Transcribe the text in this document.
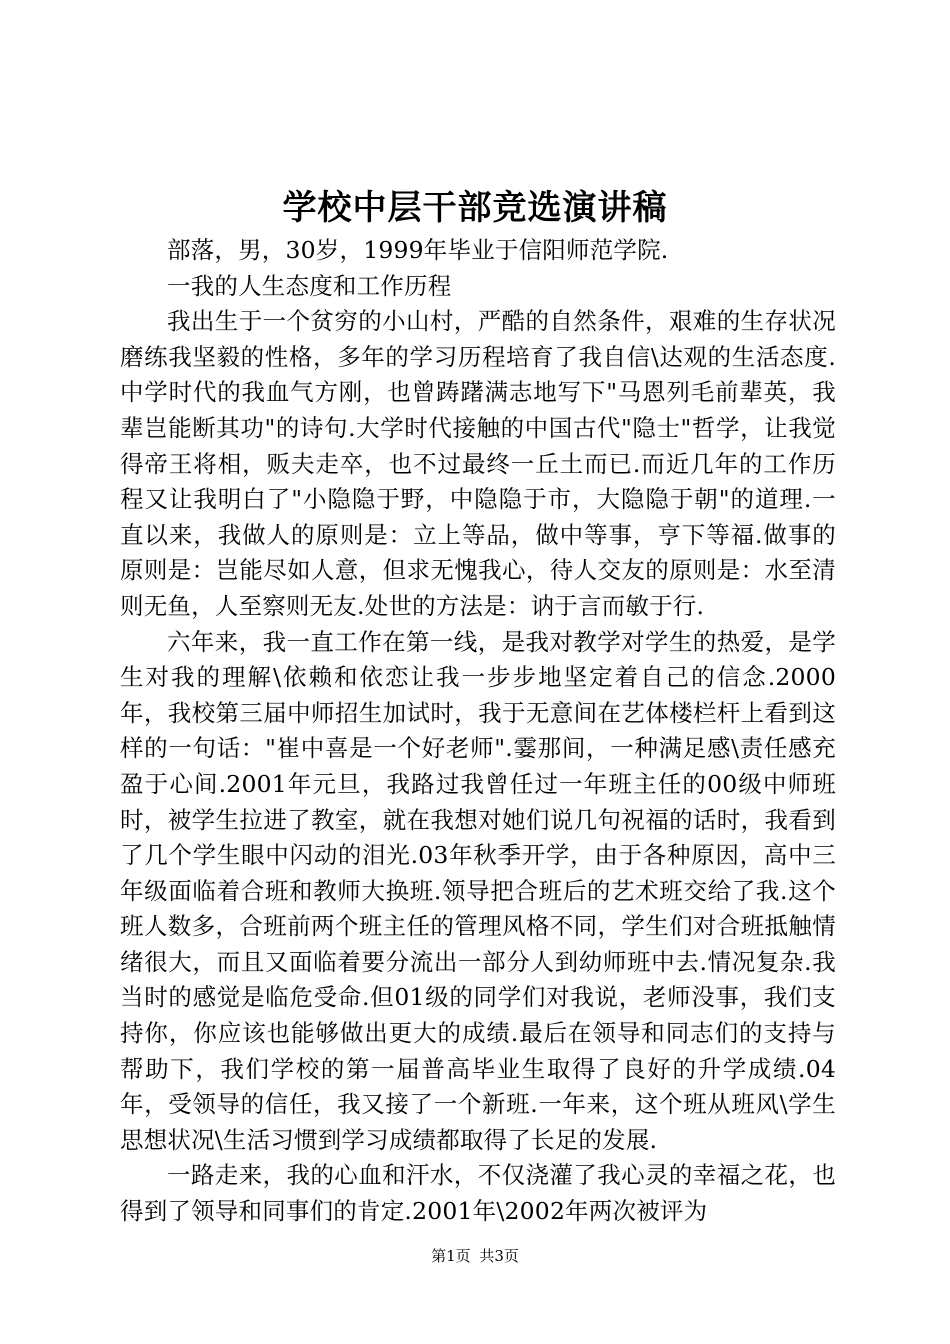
学校中层干部竞选演讲稿

部落，男，30岁，1999年毕业于信阳师范学院.

一我的人生态度和工作历程

我出生于一个贫穷的小山村，严酷的自然条件，艰难的生存状况磨练我坚毅的性格，多年的学习历程培育了我自信\达观的生活态度.中学时代的我血气方刚，也曾踌躇满志地写下"马恩列毛前辈英，我辈岂能断其功"的诗句.大学时代接触的中国古代"隐士"哲学，让我觉得帝王将相，贩夫走卒，也不过最终一丘土而已.而近几年的工作历程又让我明白了"小隐隐于野，中隐隐于市，大隐隐于朝"的道理.一直以来，我做人的原则是：立上等品，做中等事，亨下等福.做事的原则是：岂能尽如人意，但求无愧我心，待人交友的原则是：水至清则无鱼，人至察则无友.处世的方法是：讷于言而敏于行.

六年来，我一直工作在第一线，是我对教学对学生的热爱，是学生对我的理解\依赖和依恋让我一步步地坚定着自己的信念.2000年，我校第三届中师招生加试时，我于无意间在艺体楼栏杆上看到这样的一句话："崔中喜是一个好老师".霎那间，一种满足感\责任感充盈于心间.2001年元旦，我路过我曾任过一年班主任的00级中师班时，被学生拉进了教室，就在我想对她们说几句祝福的话时，我看到了几个学生眼中闪动的泪光.03年秋季开学，由于各种原因，高中三年级面临着合班和教师大换班.领导把合班后的艺术班交给了我.这个班人数多，合班前两个班主任的管理风格不同，学生们对合班抵触情绪很大，而且又面临着要分流出一部分人到幼师班中去.情况复杂.我当时的感觉是临危受命.但01级的同学们对我说，老师没事，我们支持你，你应该也能够做出更大的成绩.最后在领导和同志们的支持与帮助下，我们学校的第一届普高毕业生取得了良好的升学成绩.04年，受领导的信任，我又接了一个新班.一年来，这个班从班风\学生思想状况\生活习惯到学习成绩都取得了长足的发展.

一路走来，我的心血和汗水，不仅浇灌了我心灵的幸福之花，也得到了领导和同事们的肯定.2001年\2002年两次被评为

第1页 共3页
